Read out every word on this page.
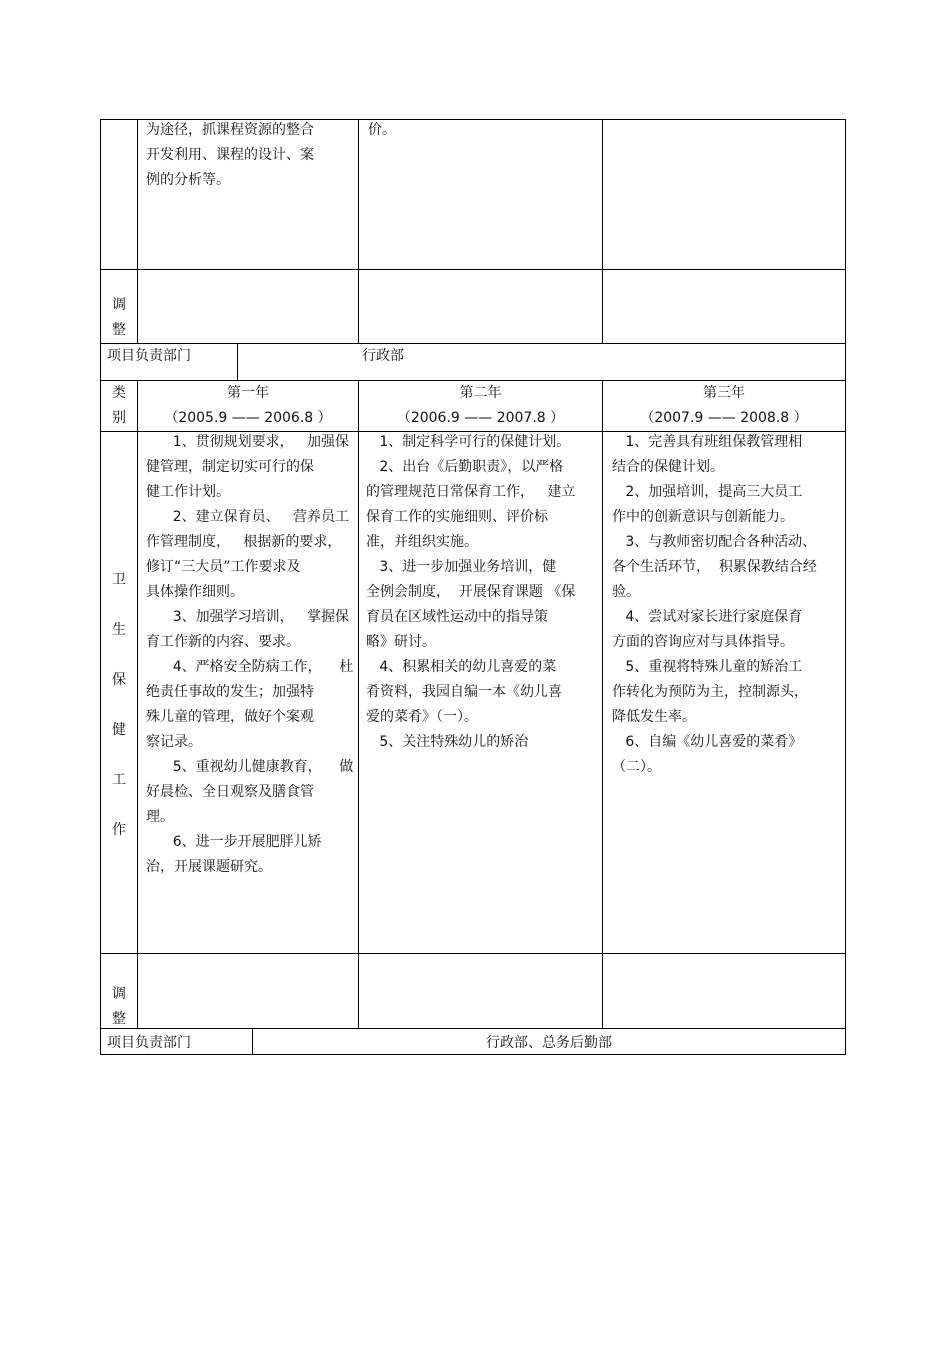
为途径，抓课程资源的整合
开发利用、课程的设计、案
例的分析等。
价。
调
整
项目负责部门	行政部
类
别
第一年
（2005.9 —— 2006.8 ）
第二年
（2006.9 —— 2007.8 ）
第三年
（2007.9 —— 2008.8 ）
卫
生
保
健
工
作
1、贯彻规划要求，   加强保
健管理，制定切实可行的保
健工作计划。
2、建立保育员、   营养员工
作管理制度，   根据新的要求，
修订“三大员”工作要求及
具体操作细则。
3、加强学习培训，   掌握保
育工作新的内容、要求。
4、严格安全防病工作，    杜
绝责任事故的发生；加强特
殊儿童的管理，做好个案观
察记录。
5、重视幼儿健康教育，    做
好晨检、全日观察及膳食管
理。
6、进一步开展肥胖儿矫
治，开展课题研究。
1、制定科学可行的保健计划。
2、出台《后勤职责》，以严格
的管理规范日常保育工作，   建立
保育工作的实施细则、评价标
准，并组织实施。
3、进一步加强业务培训，健
全例会制度，  开展保育课题 《保
育员在区域性运动中的指导策
略》研讨。
4、积累相关的幼儿喜爱的菜
肴资料，我园自编一本《幼儿喜
爱的菜肴》（一）。
5、关注特殊幼儿的矫治
1、完善具有班组保教管理相
结合的保健计划。
2、加强培训，提高三大员工
作中的创新意识与创新能力。
3、与教师密切配合各种活动、
各个生活环节，  积累保教结合经
验。
4、尝试对家长进行家庭保育
方面的咨询应对与具体指导。
5、重视将特殊儿童的矫治工
作转化为预防为主，控制源头，
降低发生率。
6、自编《幼儿喜爱的菜肴》
（二）。
调
整
项目负责部门	行政部、总务后勤部
